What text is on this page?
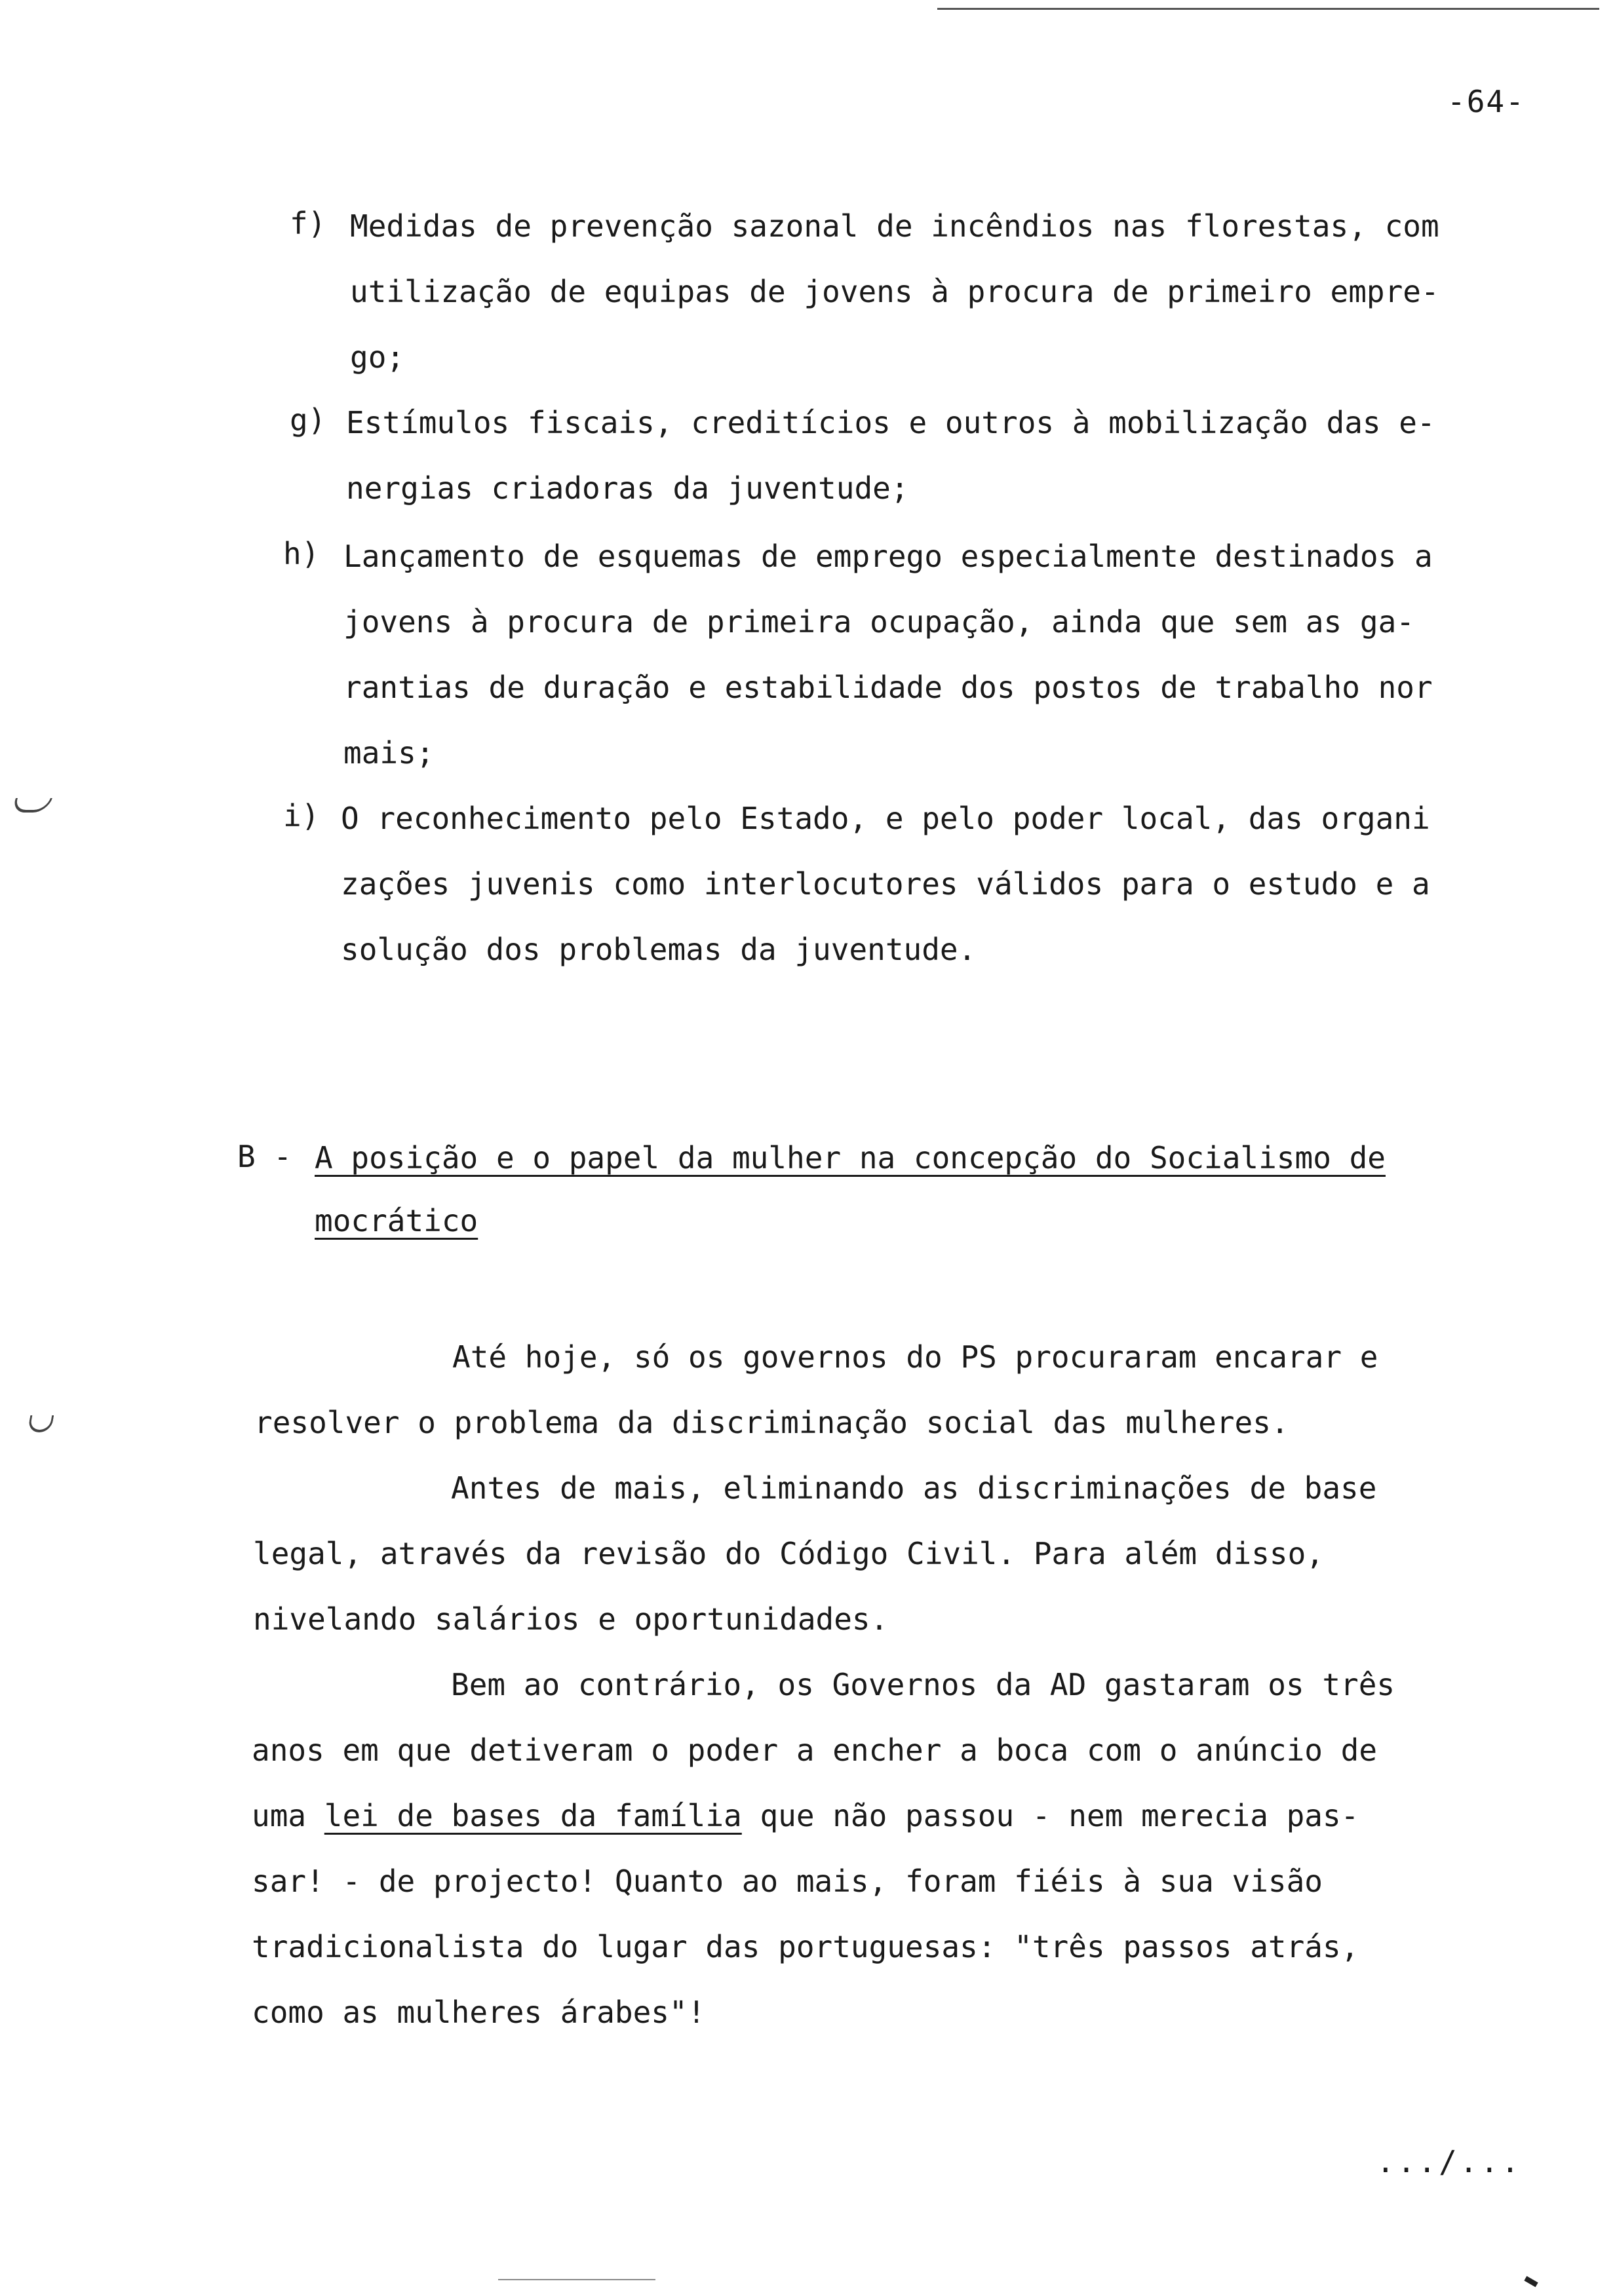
-64-
f) Medidas de prevenção sazonal de incêndios nas florestas, com
utilização de equipas de jovens à procura de primeiro empre-
go;
g) Estímulos fiscais, creditícios e outros à mobilização das e-
nergias criadoras da juventude;
h) Lançamento de esquemas de emprego especialmente destinados a
jovens à procura de primeira ocupação, ainda que sem as ga-
rantias de duração e estabilidade dos postos de trabalho nor
mais;
i) O reconhecimento pelo Estado, e pelo poder local, das organi
zações juvenis como interlocutores válidos para o estudo e a
solução dos problemas da juventude.
B - A posição e o papel da mulher na concepção do Socialismo de
mocrático
Até hoje, só os governos do PS procuraram encarar e
resolver o problema da discriminação social das mulheres.
Antes de mais, eliminando as discriminações de base
legal, através da revisão do Código Civil. Para além disso,
nivelando salários e oportunidades.
Bem ao contrário, os Governos da AD gastaram os três
anos em que detiveram o poder a encher a boca com o anúncio de
uma lei de bases da família que não passou - nem merecia pas-
sar! - de projecto! Quanto ao mais, foram fiéis à sua visão
tradicionalista do lugar das portuguesas: "três passos atrás,
como as mulheres árabes"!
.../...
